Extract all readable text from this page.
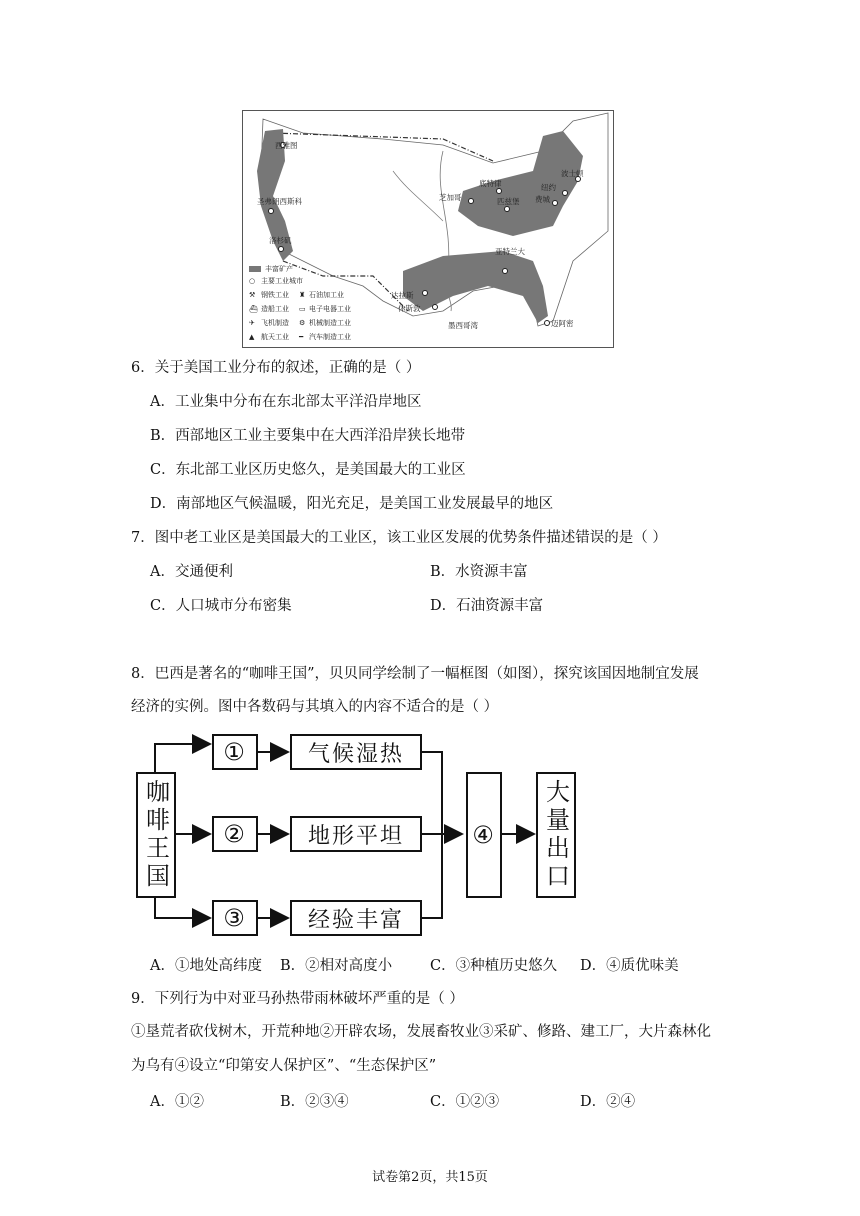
西雅图
圣弗朗西斯科
洛杉矶
芝加哥
底特律
匹兹堡
纽约
费城
波士顿
亚特兰大
达拉斯
休斯敦
墨西哥湾	迈阿密
丰富矿产
○ 主要工业城市
⚒ 钢铁工业 ♜ 石油加工业
⛴ 造船工业 ▭ 电子电器工业
✈ 飞机制造 ⚙ 机械制造工业
▲ 航天工业 ━ 汽车制造工业
6．关于美国工业分布的叙述，正确的是（ ）
A．工业集中分布在东北部太平洋沿岸地区
B．西部地区工业主要集中在大西洋沿岸狭长地带
C．东北部工业区历史悠久，是美国最大的工业区
D．南部地区气候温暖，阳光充足，是美国工业发展最早的地区
7．图中老工业区是美国最大的工业区，该工业区发展的优势条件描述错误的是（ ）
A．交通便利	B．水资源丰富
C．人口城市分布密集	D．石油资源丰富
8．巴西是著名的“咖啡王国”，贝贝同学绘制了一幅框图（如图），探究该国因地制宜发展
经济的实例。图中各数码与其填入的内容不适合的是（ ）
咖啡王国
①
②
③
气候湿热
地形平坦
经验丰富
④ 大量出口
A．①地处高纬度 B．②相对高度小	C．③种植历史悠久 D．④质优味美
9．下列行为中对亚马孙热带雨林破坏严重的是（ ）
①垦荒者砍伐树木，开荒种地②开辟农场，发展畜牧业③采矿、修路、建工厂，大片森林化
为乌有④设立“印第安人保护区”、“生态保护区”
A．①②	B．②③④	C．①②③	D．②④
试卷第2页，共15页
